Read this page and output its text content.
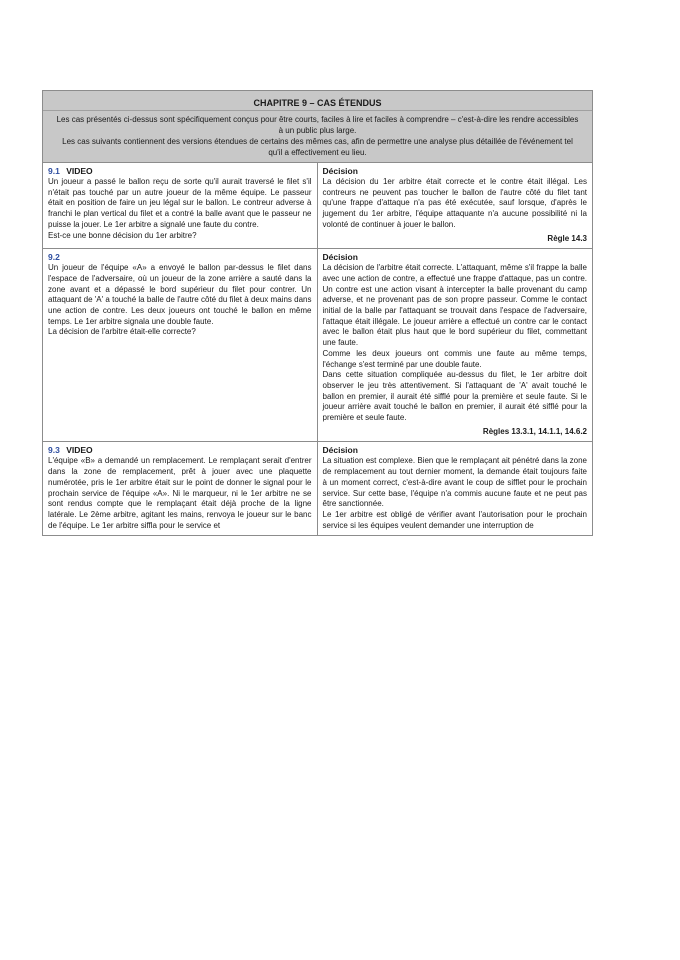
CHAPITRE 9 – CAS ÉTENDUS
Les cas présentés ci-dessus sont spécifiquement conçus pour être courts, faciles à lire et faciles à comprendre – c'est-à-dire les rendre accessibles à un public plus large.
Les cas suivants contiennent des versions étendues de certains des mêmes cas, afin de permettre une analyse plus détaillée de l'événement tel qu'il a effectivement eu lieu.
9.1 VIDEO
Un joueur a passé le ballon reçu de sorte qu'il aurait traversé le filet s'il n'était pas touché par un autre joueur de la même équipe. Le passeur était en position de faire un jeu légal sur le ballon. Le contreur adverse à franchi le plan vertical du filet et a contré la balle avant que le passeur ne puisse la jouer. Le 1er arbitre a signalé une faute du contre.
Est-ce une bonne décision du 1er arbitre?
Décision
La décision du 1er arbitre était correcte et le contre était illégal. Les contreurs ne peuvent pas toucher le ballon de l'autre côté du filet tant qu'une frappe d'attaque n'a pas été exécutée, sauf lorsque, d'après le jugement du 1er arbitre, l'équipe attaquante n'a aucune possibilité ni la volonté de continuer à jouer le ballon.
Règle 14.3
9.2
Un joueur de l'équipe «A» a envoyé le ballon par-dessus le filet dans l'espace de l'adversaire, où un joueur de la zone arrière a sauté dans la zone avant et a dépassé le bord supérieur du filet pour contrer. Un attaquant de 'A' a touché la balle de l'autre côté du filet à deux mains dans une action de contre. Les deux joueurs ont touché le ballon en même temps. Le 1er arbitre signala une double faute.
La décision de l'arbitre était-elle correcte?
Décision
La décision de l'arbitre était correcte. L'attaquant, même s'il frappe la balle avec une action de contre, a effectué une frappe d'attaque, pas un contre. Un contre est une action visant à intercepter la balle provenant du camp adverse, et ne provenant pas de son propre passeur. Comme le contact initial de la balle par l'attaquant se trouvait dans l'espace de l'adversaire, l'attaque était illégale. Le joueur arrière a effectué un contre car le contact avec le ballon était plus haut que le bord supérieur du filet, commettant une faute.
Comme les deux joueurs ont commis une faute au même temps, l'échange s'est terminé par une double faute.
Dans cette situation compliquée au-dessus du filet, le 1er arbitre doit observer le jeu très attentivement. Si l'attaquant de 'A' avait touché le ballon en premier, il aurait été sifflé pour la première et seule faute. Si le joueur arrière avait touché le ballon en premier, il aurait été sifflé pour la première et seule faute.
Règles 13.3.1, 14.1.1, 14.6.2
9.3 VIDEO
L'équipe «B» a demandé un remplacement. Le remplaçant serait d'entrer dans la zone de remplacement, prêt à jouer avec une plaquette numérotée, pris le 1er arbitre était sur le point de donner le signal pour le prochain service de l'équipe «A». Ni le marqueur, ni le 1er arbitre ne se sont rendus compte que le remplaçant était déjà proche de la ligne latérale. Le 2ème arbitre, agitant les mains, renvoya le joueur sur le banc de l'équipe. Le 1er arbitre siffla pour le service et
Décision
La situation est complexe. Bien que le remplaçant ait pénétré dans la zone de remplacement au tout dernier moment, la demande était toujours faite à un moment correct, c'est-à-dire avant le coup de sifflet pour le prochain service. Sur cette base, l'équipe n'a commis aucune faute et ne peut pas être sanctionnée.
Le 1er arbitre est obligé de vérifier avant l'autorisation pour le prochain service si les équipes veulent demander une interruption de
